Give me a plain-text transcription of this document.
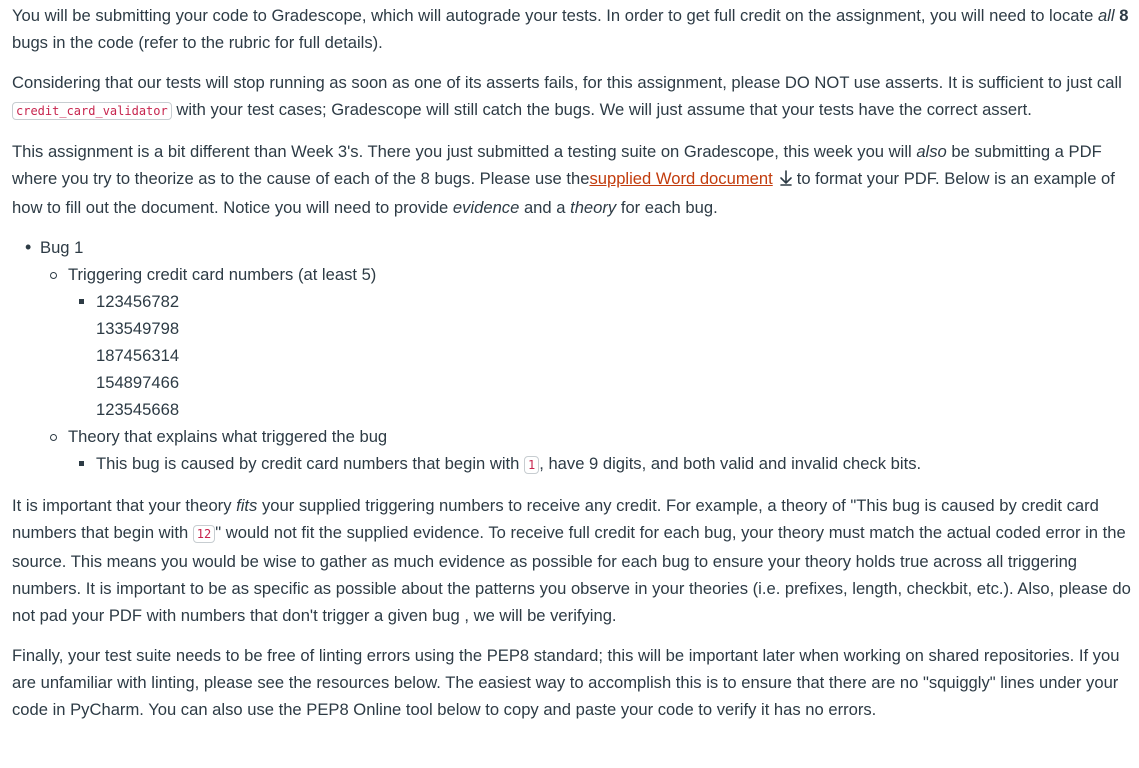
You will be submitting your code to Gradescope, which will autograde your tests. In order to get full credit on the assignment, you will need to locate all 8 bugs in the code (refer to the rubric for full details).

Considering that our tests will stop running as soon as one of its asserts fails, for this assignment, please DO NOT use asserts. It is sufficient to just call credit_card_validator with your test cases; Gradescope will still catch the bugs. We will just assume that your tests have the correct assert.

This assignment is a bit different than Week 3's. There you just submitted a testing suite on Gradescope, this week you will also be submitting a PDF where you try to theorize as to the cause of each of the 8 bugs. Please use thesupplied Word document to format your PDF. Below is an example of how to fill out the document. Notice you will need to provide evidence and a theory for each bug.

• Bug 1
Triggering credit card numbers (at least 5)
123456782
133549798
187456314
154897466
123545668
Theory that explains what triggered the bug
This bug is caused by credit card numbers that begin with 1 , have 9 digits, and both valid and invalid check bits.

It is important that your theory fits your supplied triggering numbers to receive any credit. For example, a theory of "This bug is caused by credit card numbers that begin with 12 " would not fit the supplied evidence. To receive full credit for each bug, your theory must match the actual coded error in the source. This means you would be wise to gather as much evidence as possible for each bug to ensure your theory holds true across all triggering numbers. It is important to be as specific as possible about the patterns you observe in your theories (i.e. prefixes, length, checkbit, etc.). Also, please do not pad your PDF with numbers that don't trigger a given bug , we will be verifying.

Finally, your test suite needs to be free of linting errors using the PEP8 standard; this will be important later when working on shared repositories. If you are unfamiliar with linting, please see the resources below. The easiest way to accomplish this is to ensure that there are no "squiggly" lines under your code in PyCharm. You can also use the PEP8 Online tool below to copy and paste your code to verify it has no errors.
